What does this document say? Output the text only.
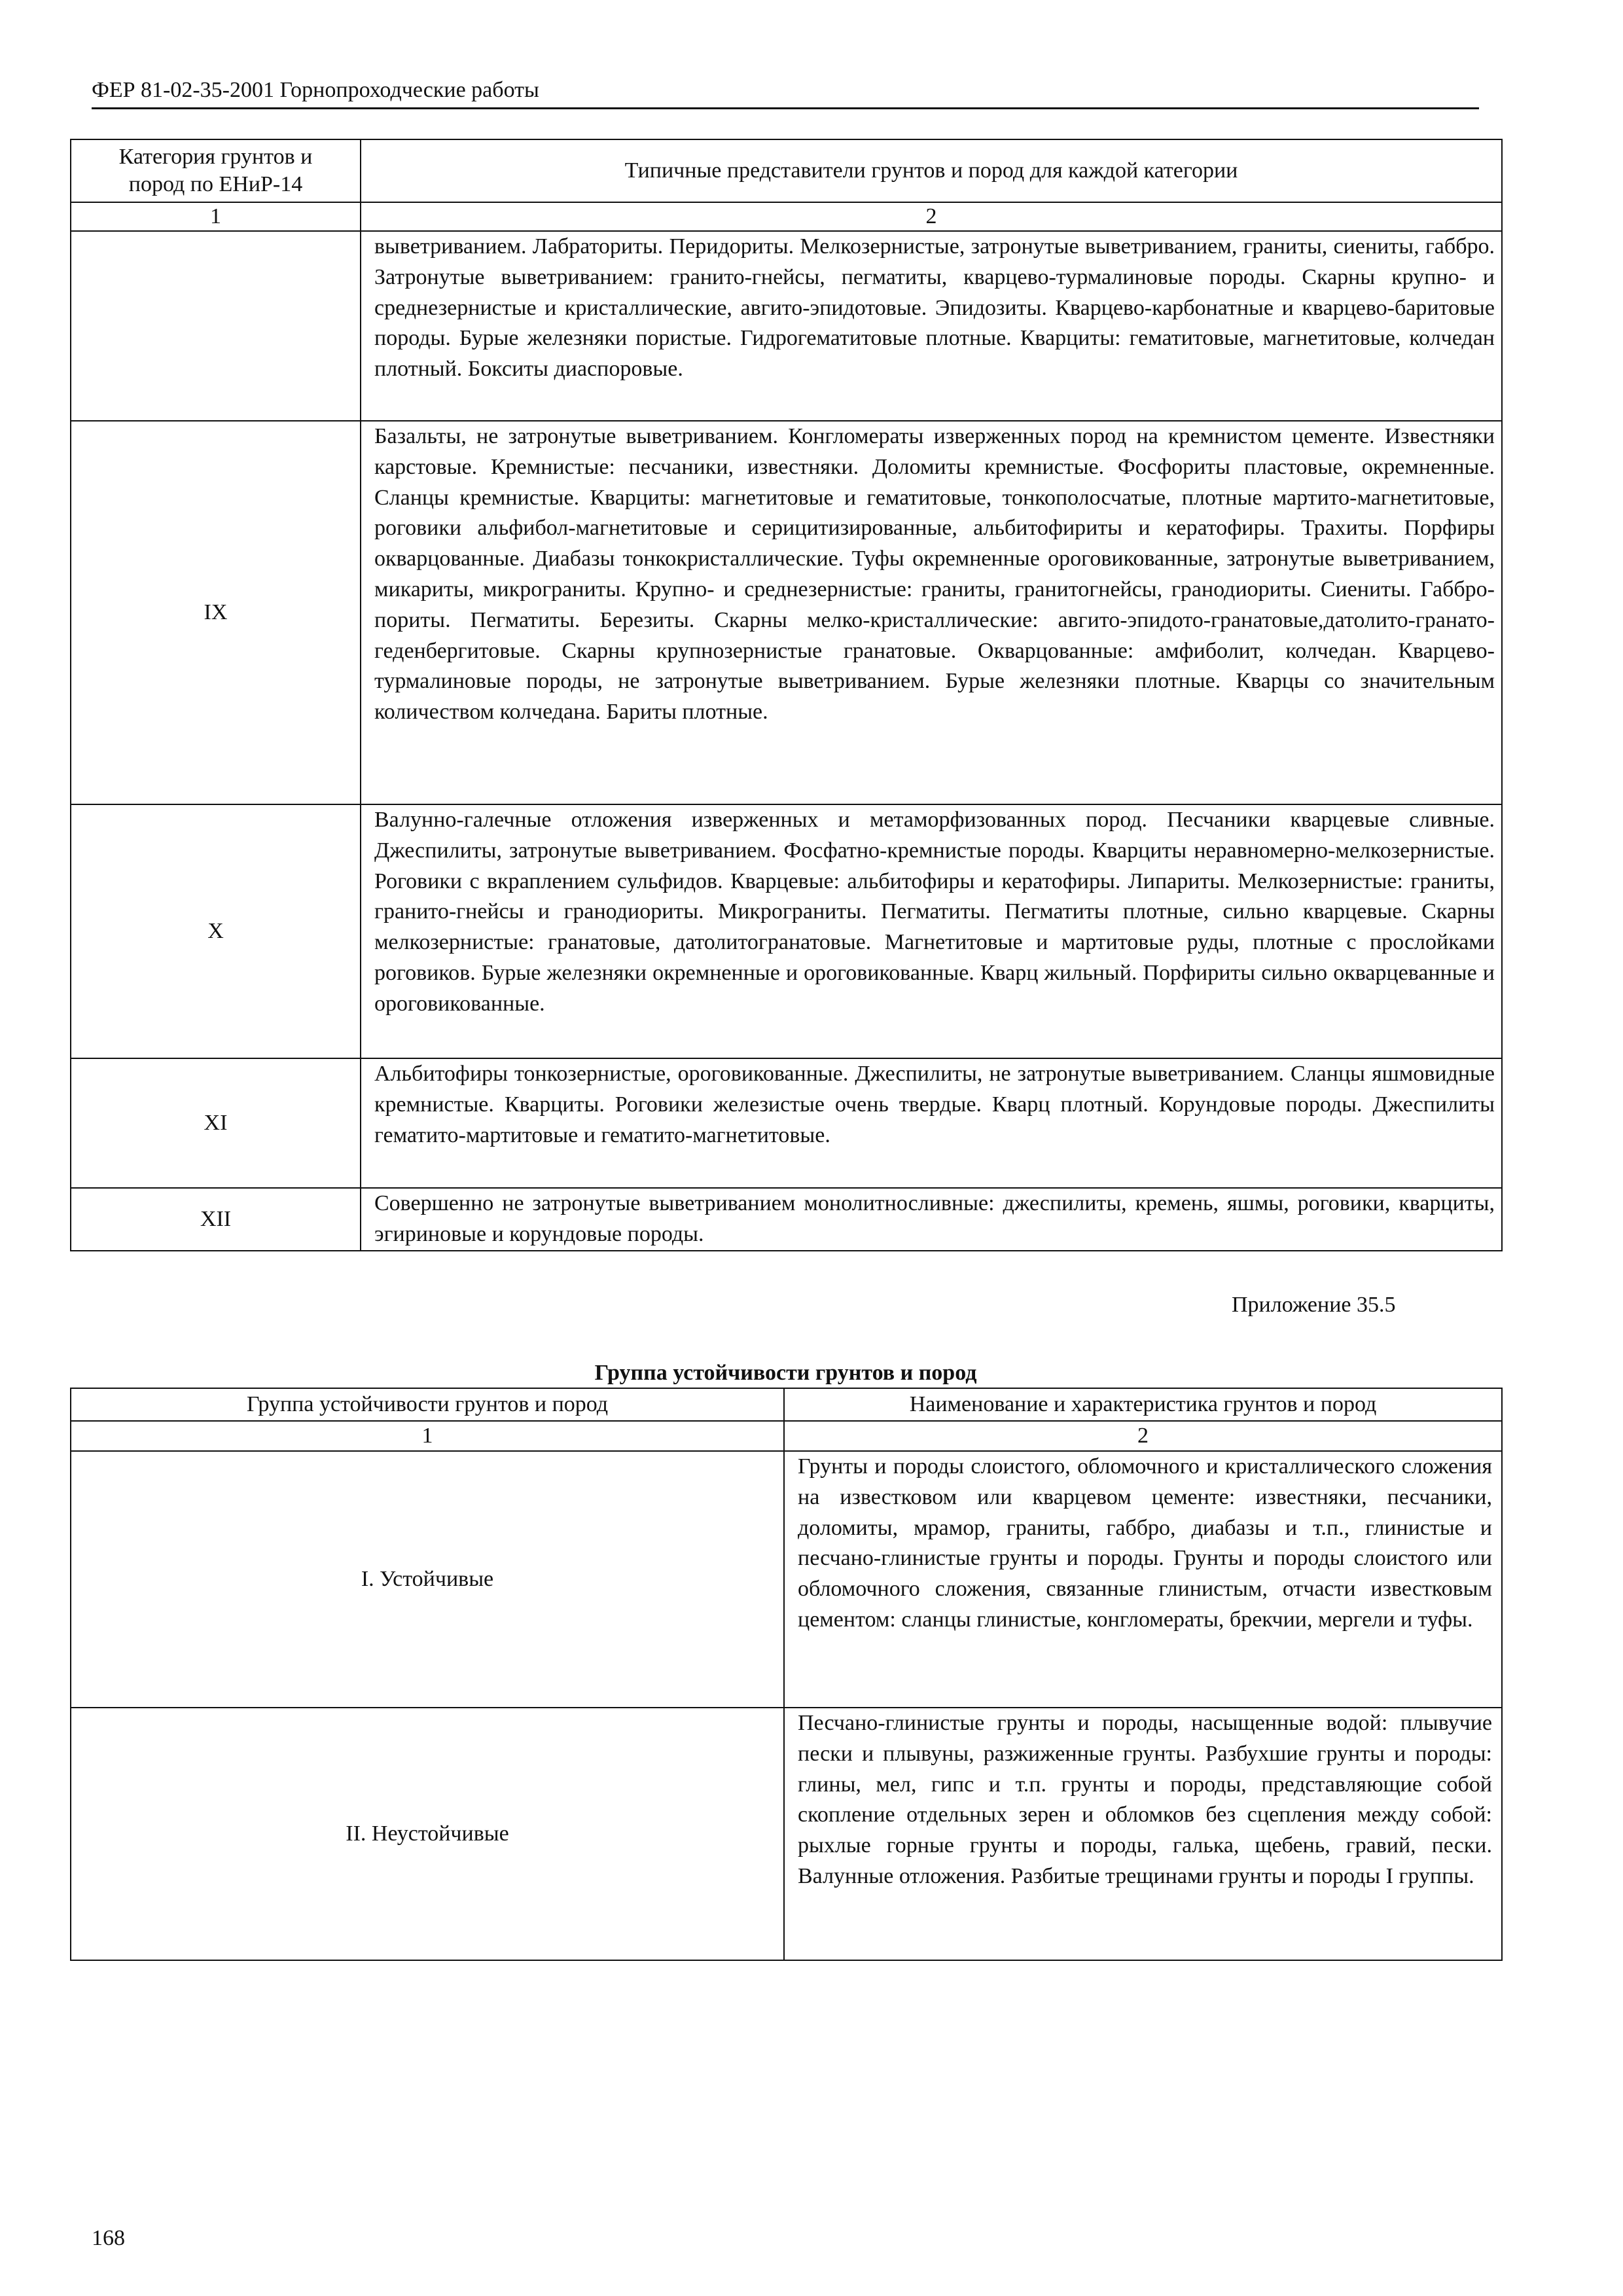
ФЕР 81-02-35-2001 Горнопроходческие работы
Категория грунтов и
пород по ЕНиР-14	Типичные представители грунтов и пород для каждой категории
1	2
	выветриванием. Лабраториты. Перидориты. Мелкозернистые, затронутые выветриванием, граниты, сиениты, габбро. Затронутые выветриванием: гранито-гнейсы, пегматиты, кварцево-турмалиновые породы. Скарны крупно- и среднезернистые и кристаллические, авгито-эпидотовые. Эпидозиты. Кварцево-карбонатные и кварцево-баритовые породы. Бурые железняки пористые. Гидрогематитовые плотные. Кварциты: гематитовые, магнетитовые, колчедан плотный. Бокситы диаспоровые.
IX	Базальты, не затронутые выветриванием. Конгломераты изверженных пород на кремнистом цементе. Известняки карстовые. Кремнистые: песчаники, известняки. Доломиты кремнистые. Фосфориты пластовые, окремненные. Сланцы кремнистые. Кварциты: магнетитовые и гематитовые, тонкополосчатые, плотные мартито-магнетитовые, роговики альфибол-магнетитовые и серицитизированные, альбитофириты и кератофиры. Трахиты. Порфиры окварцованные. Диабазы тонкокристаллические. Туфы окремненные ороговикованные, затронутые выветриванием, микариты, микрограниты. Крупно- и среднезернистые: граниты, гранитогнейсы, гранодиориты. Сиениты. Габбро-пориты. Пегматиты. Березиты. Скарны мелко-кристаллические: авгито-эпидото-гранатовые,датолито-гранато-геденбергитовые. Скарны крупнозернистые гранатовые. Окварцованные: амфиболит, колчедан. Кварцево-турмалиновые породы, не затронутые выветриванием. Бурые железняки плотные. Кварцы со значительным количеством колчедана. Бариты плотные.
X	Валунно-галечные отложения изверженных и метаморфизованных пород. Песчаники кварцевые сливные. Джеспилиты, затронутые выветриванием. Фосфатно-кремнистые породы. Кварциты неравномерно-мелкозернистые. Роговики с вкраплением сульфидов. Кварцевые: альбитофиры и кератофиры. Липариты. Мелкозернистые: граниты, гранито-гнейсы и гранодиориты. Микрограниты. Пегматиты. Пегматиты плотные, сильно кварцевые. Скарны мелкозернистые: гранатовые, датолитогранатовые. Магнетитовые и мартитовые руды, плотные с прослойками роговиков. Бурые железняки окремненные и ороговикованные. Кварц жильный. Порфириты сильно окварцеванные и ороговикованные.
XI	Альбитофиры тонкозернистые, ороговикованные. Джеспилиты, не затронутые выветриванием. Сланцы яшмовидные кремнистые. Кварциты. Роговики железистые очень твердые. Кварц плотный. Корундовые породы. Джеспилиты гематито-мартитовые и гематито-магнетитовые.
XII	Совершенно не затронутые выветриванием монолитносливные: джеспилиты, кремень, яшмы, роговики, кварциты, эгириновые и корундовые породы.
Приложение 35.5
Группа устойчивости грунтов и пород
Группа устойчивости грунтов и пород	Наименование и характеристика грунтов и пород
1	2
I. Устойчивые	Грунты и породы слоистого, обломочного и кристаллического сложения на известковом или кварцевом цементе: известняки, песчаники, доломиты, мрамор, граниты, габбро, диабазы и т.п., глинистые и песчано-глинистые грунты и породы. Грунты и породы слоистого или обломочного сложения, связанные глинистым, отчасти известковым цементом: сланцы глинистые, конгломераты, брекчии, мергели и туфы.
II. Неустойчивые	Песчано-глинистые грунты и породы, насыщенные водой: плывучие пески и плывуны, разжиженные грунты. Разбухшие грунты и породы: глины, мел, гипс и т.п. грунты и породы, представляющие собой скопление отдельных зерен и обломков без сцепления между собой: рыхлые горные грунты и породы, галька, щебень, гравий, пески. Валунные отложения. Разбитые трещинами грунты и породы I группы.
168
